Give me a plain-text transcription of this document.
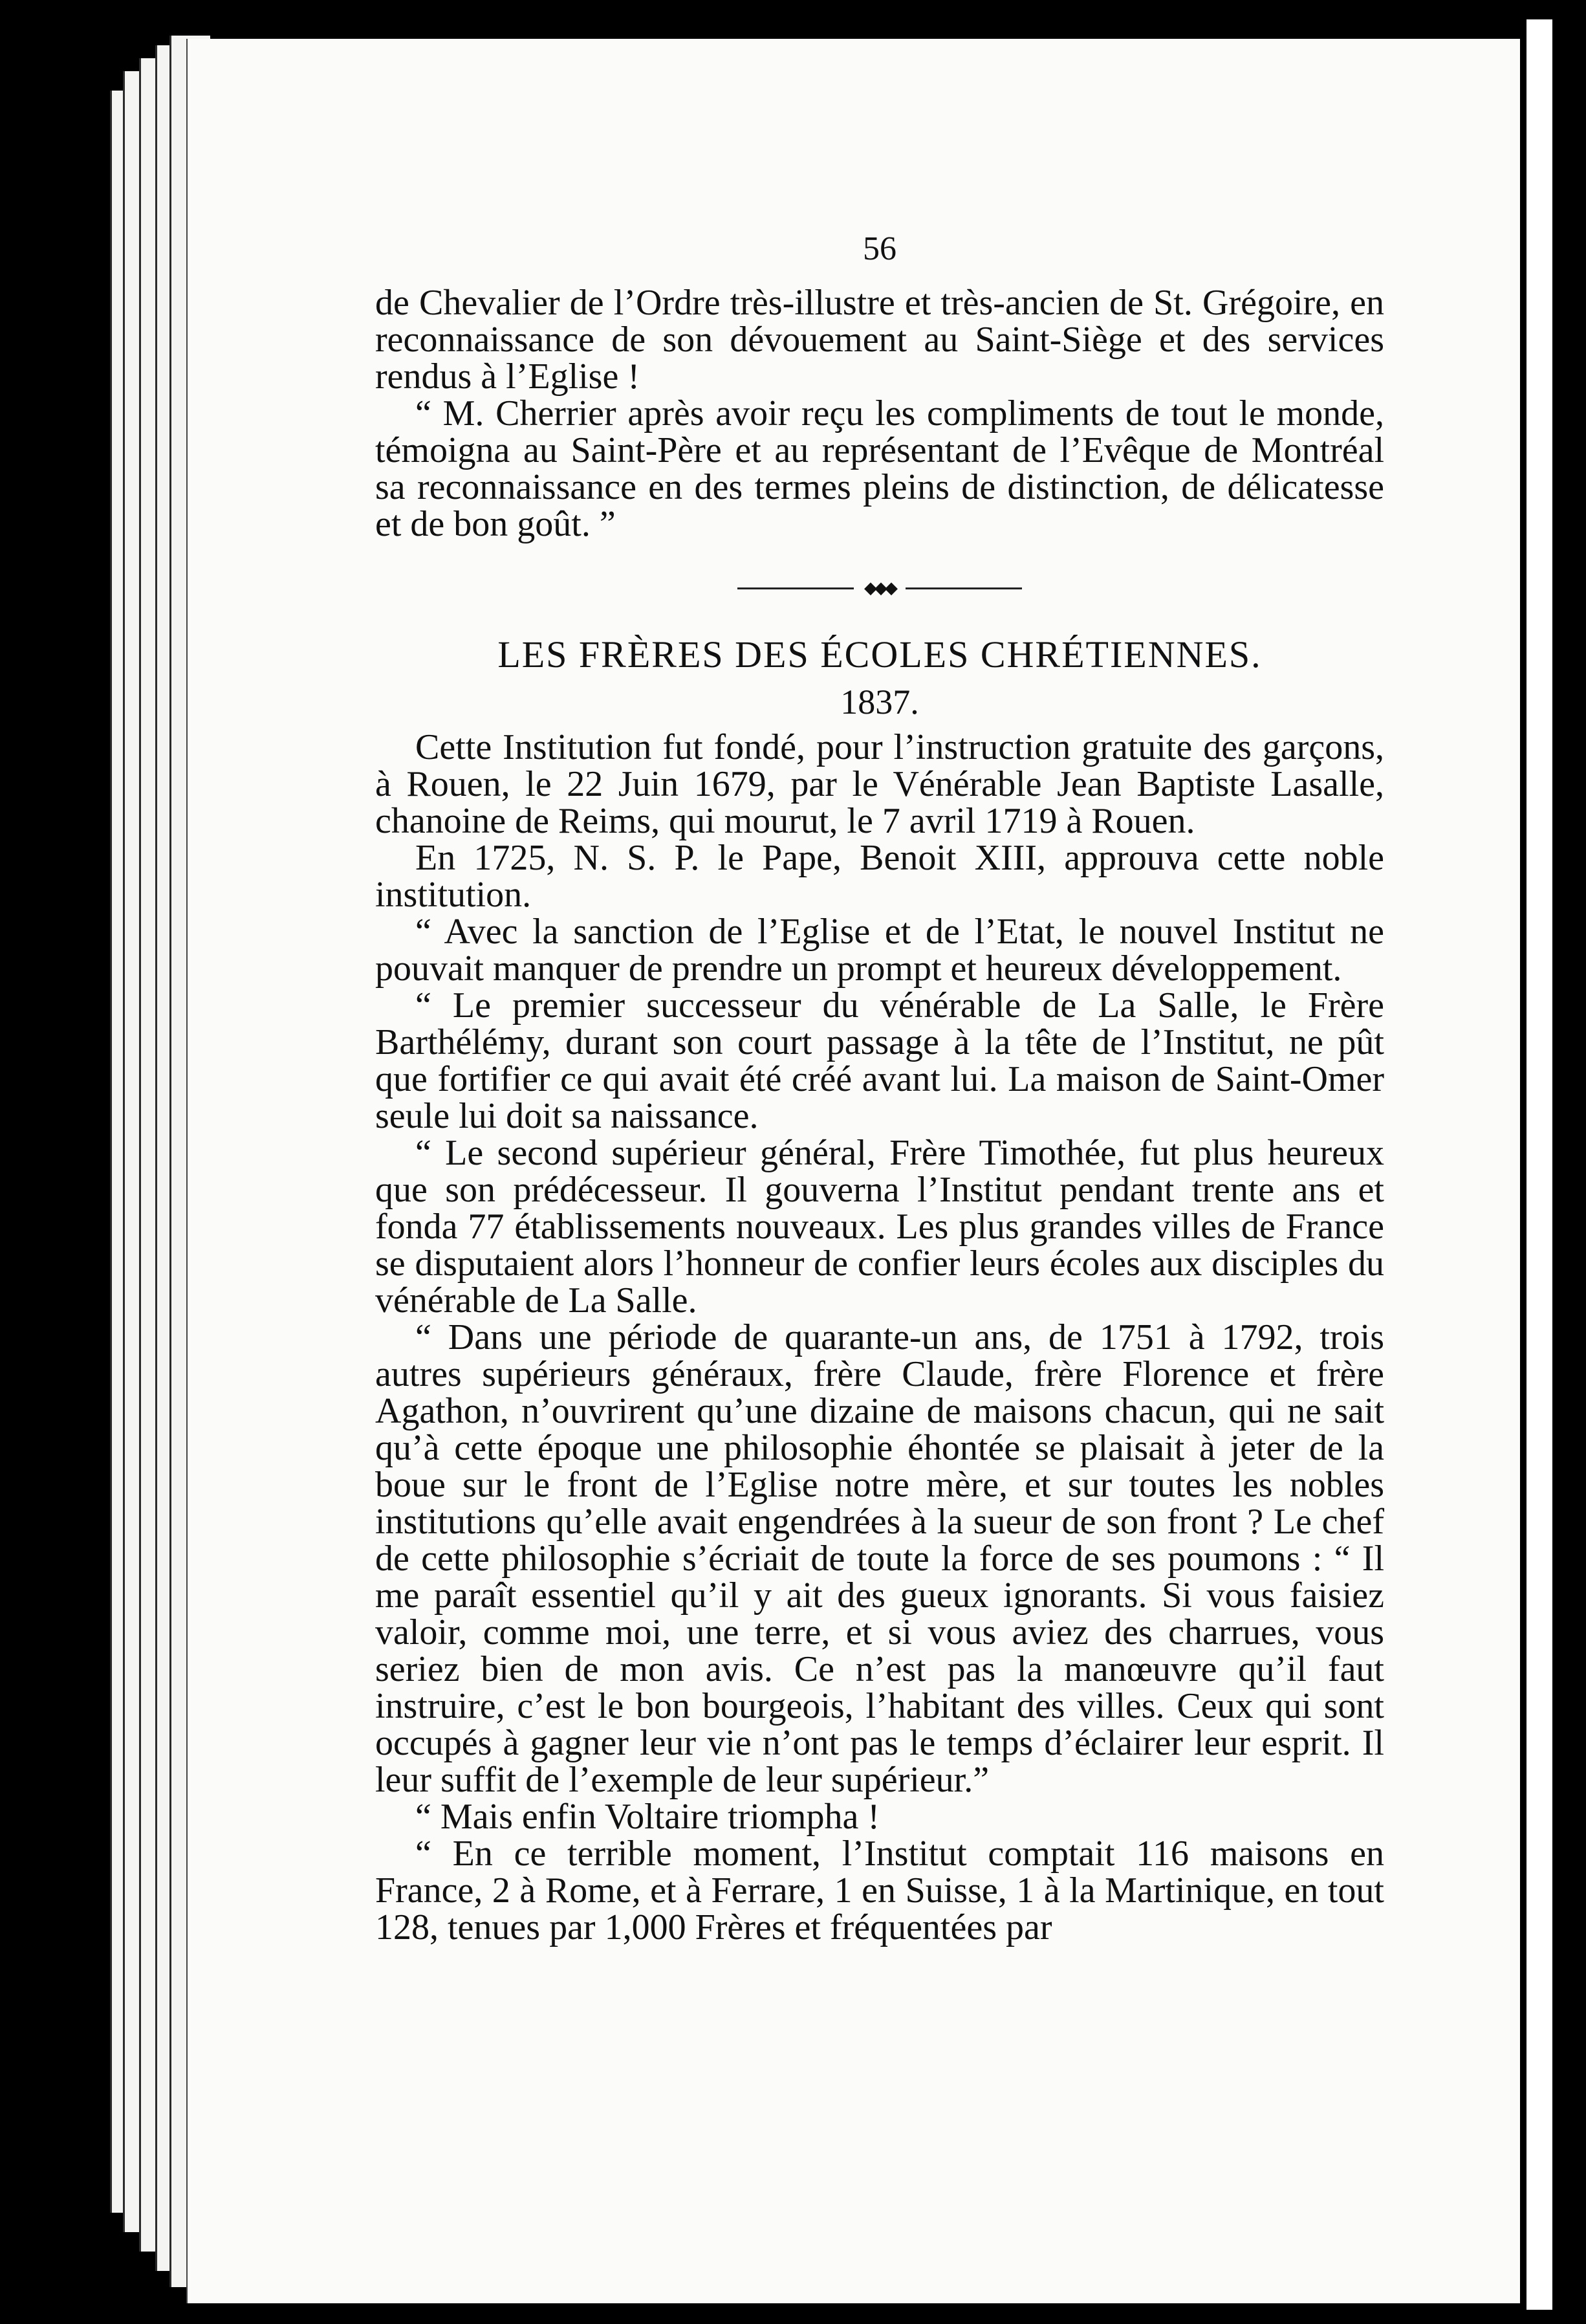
56

de Chevalier de l’Ordre très-illustre et très-ancien de St. Grégoire, en reconnaissance de son dévouement au Saint-Siège et des services rendus à l’Eglise !

“ M. Cherrier après avoir reçu les compliments de tout le monde, témoigna au Saint-Père et au représentant de l’Evêque de Montréal sa reconnaissance en des termes pleins de distinction, de délicatesse et de bon goût. ”

◆◆◆
LES FRÈRES DES ÉCOLES CHRÉTIENNES.
1837.

Cette Institution fut fondé, pour l’instruction gratuite des garçons, à Rouen, le 22 Juin 1679, par le Vénérable Jean Baptiste Lasalle, chanoine de Reims, qui mourut, le 7 avril 1719 à Rouen.

En 1725, N. S. P. le Pape, Benoit XIII, approuva cette noble institution.

“ Avec la sanction de l’Eglise et de l’Etat, le nouvel Institut ne pouvait manquer de prendre un prompt et heureux développement.

“ Le premier successeur du vénérable de La Salle, le Frère Barthélémy, durant son court passage à la tête de l’Institut, ne pût que fortifier ce qui avait été créé avant lui. La maison de Saint-Omer seule lui doit sa naissance.

“ Le second supérieur général, Frère Timothée, fut plus heureux que son prédécesseur. Il gouverna l’Institut pendant trente ans et fonda 77 établissements nouveaux. Les plus grandes villes de France se disputaient alors l’honneur de confier leurs écoles aux disciples du vénérable de La Salle.

“ Dans une période de quarante-un ans, de 1751 à 1792, trois autres supérieurs généraux, frère Claude, frère Florence et frère Agathon, n’ouvrirent qu’une dizaine de maisons chacun, qui ne sait qu’à cette époque une philosophie éhontée se plaisait à jeter de la boue sur le front de l’Eglise notre mère, et sur toutes les nobles institutions qu’elle avait engendrées à la sueur de son front ? Le chef de cette philosophie s’écriait de toute la force de ses poumons : “ Il me paraît essentiel qu’il y ait des gueux ignorants. Si vous faisiez valoir, comme moi, une terre, et si vous aviez des charrues, vous seriez bien de mon avis. Ce n’est pas la manœuvre qu’il faut instruire, c’est le bon bourgeois, l’habitant des villes. Ceux qui sont occupés à gagner leur vie n’ont pas le temps d’éclairer leur esprit. Il leur suffit de l’exemple de leur supérieur.”

“ Mais enfin Voltaire triompha !

“ En ce terrible moment, l’Institut comptait 116 maisons en France, 2 à Rome, et à Ferrare, 1 en Suisse, 1 à la Martinique, en tout 128, tenues par 1,000 Frères et fréquentées par
